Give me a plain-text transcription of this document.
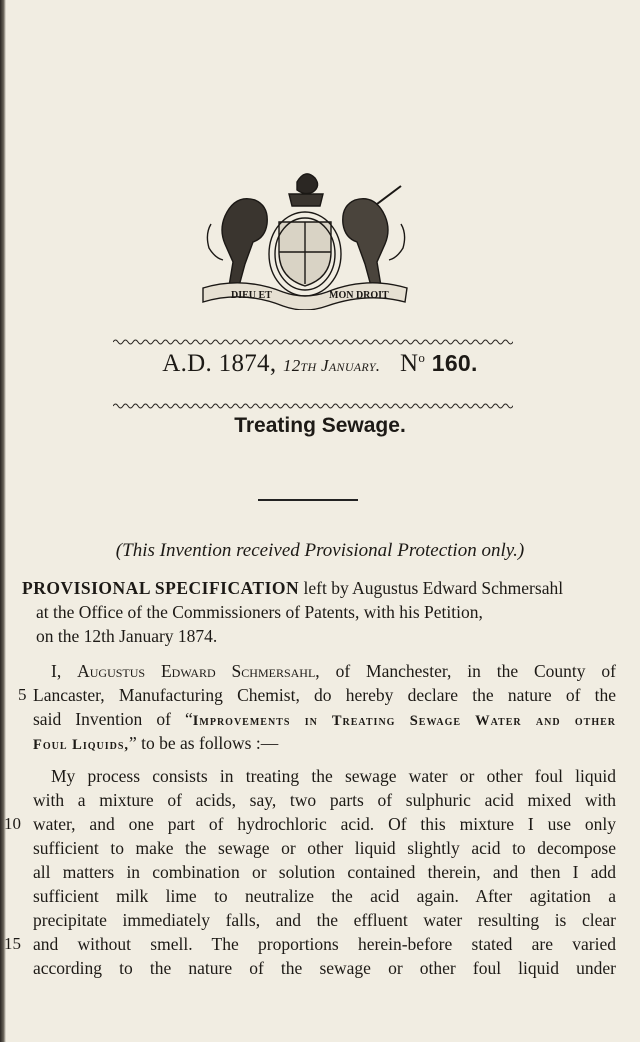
DIEU ET	MON DROIT
A.D. 1874, 12th January. $N^o$ 160.
Treating Sewage.
(This Invention received Provisional Protection only.)
PROVISIONAL SPECIFICATION left by Augustus Edward Schmersahl
at the Office of the Commissioners of Patents, with his Petition,
on the 12th January 1874.
I, Augustus Edward Schmersahl, of Manchester, in the County of
Lancaster, Manufacturing Chemist, do hereby declare the nature of the
said Invention of “Improvements in Treating Sewage Water and other
Foul Liquids,” to be as follows :—
My process consists in treating the sewage water or other foul liquid
with a mixture of acids, say, two parts of sulphuric acid mixed with
water, and one part of hydrochloric acid. Of this mixture I use only
sufficient to make the sewage or other liquid slightly acid to decompose
all matters in combination or solution contained therein, and then I add
sufficient milk lime to neutralize the acid again. After agitation a
precipitate immediately falls, and the effluent water resulting is clear
and without smell. The proportions herein-before stated are varied
according to the nature of the sewage or other foul liquid under
5
10
15
